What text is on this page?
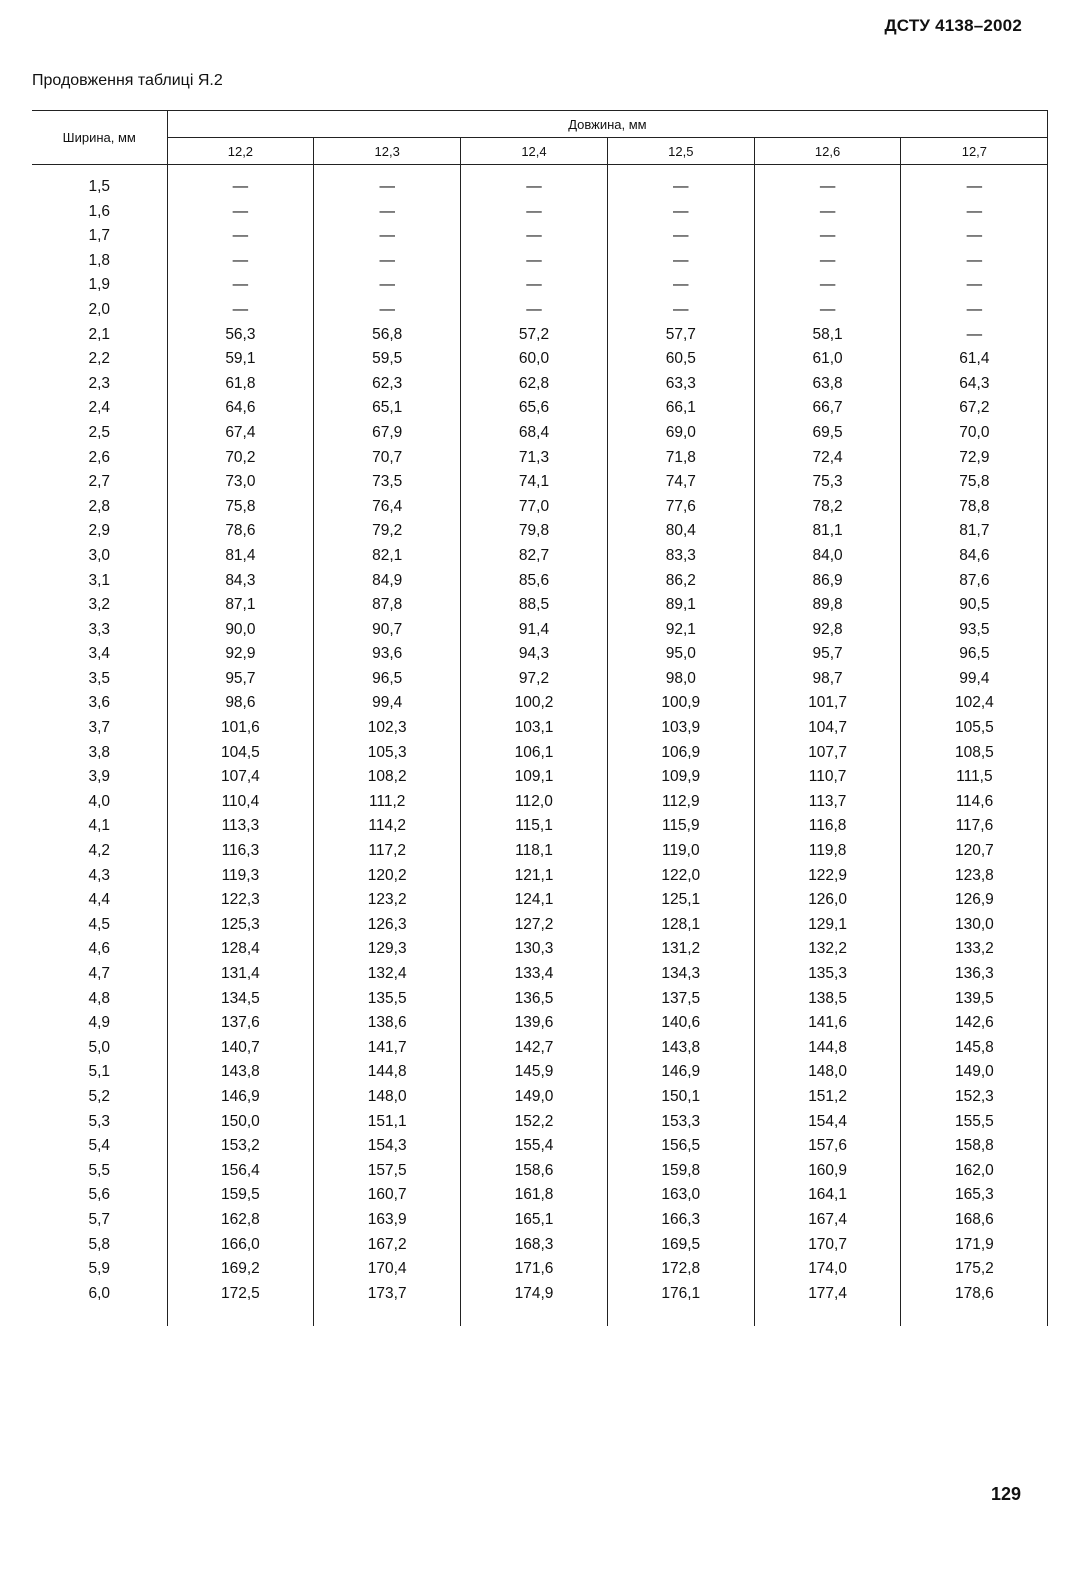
ДСТУ 4138–2002
Продовження таблиці Я.2
Ширина, мм	Довжина, мм					
	12,2	12,3	12,4	12,5	12,6	12,7

1,5	—	—	—	—	—	—
1,6	—	—	—	—	—	—
1,7	—	—	—	—	—	—
1,8	—	—	—	—	—	—
1,9	—	—	—	—	—	—
2,0	—	—	—	—	—	—
2,1	56,3	56,8	57,2	57,7	58,1	—
2,2	59,1	59,5	60,0	60,5	61,0	61,4
2,3	61,8	62,3	62,8	63,3	63,8	64,3
2,4	64,6	65,1	65,6	66,1	66,7	67,2
2,5	67,4	67,9	68,4	69,0	69,5	70,0
2,6	70,2	70,7	71,3	71,8	72,4	72,9
2,7	73,0	73,5	74,1	74,7	75,3	75,8
2,8	75,8	76,4	77,0	77,6	78,2	78,8
2,9	78,6	79,2	79,8	80,4	81,1	81,7
3,0	81,4	82,1	82,7	83,3	84,0	84,6
3,1	84,3	84,9	85,6	86,2	86,9	87,6
3,2	87,1	87,8	88,5	89,1	89,8	90,5
3,3	90,0	90,7	91,4	92,1	92,8	93,5
3,4	92,9	93,6	94,3	95,0	95,7	96,5
3,5	95,7	96,5	97,2	98,0	98,7	99,4
3,6	98,6	99,4	100,2	100,9	101,7	102,4
3,7	101,6	102,3	103,1	103,9	104,7	105,5
3,8	104,5	105,3	106,1	106,9	107,7	108,5
3,9	107,4	108,2	109,1	109,9	110,7	111,5
4,0	110,4	111,2	112,0	112,9	113,7	114,6
4,1	113,3	114,2	115,1	115,9	116,8	117,6
4,2	116,3	117,2	118,1	119,0	119,8	120,7
4,3	119,3	120,2	121,1	122,0	122,9	123,8
4,4	122,3	123,2	124,1	125,1	126,0	126,9
4,5	125,3	126,3	127,2	128,1	129,1	130,0
4,6	128,4	129,3	130,3	131,2	132,2	133,2
4,7	131,4	132,4	133,4	134,3	135,3	136,3
4,8	134,5	135,5	136,5	137,5	138,5	139,5
4,9	137,6	138,6	139,6	140,6	141,6	142,6
5,0	140,7	141,7	142,7	143,8	144,8	145,8
5,1	143,8	144,8	145,9	146,9	148,0	149,0
5,2	146,9	148,0	149,0	150,1	151,2	152,3
5,3	150,0	151,1	152,2	153,3	154,4	155,5
5,4	153,2	154,3	155,4	156,5	157,6	158,8
5,5	156,4	157,5	158,6	159,8	160,9	162,0
5,6	159,5	160,7	161,8	163,0	164,1	165,3
5,7	162,8	163,9	165,1	166,3	167,4	168,6
5,8	166,0	167,2	168,3	169,5	170,7	171,9
5,9	169,2	170,4	171,6	172,8	174,0	175,2
6,0	172,5	173,7	174,9	176,1	177,4	178,6

129
